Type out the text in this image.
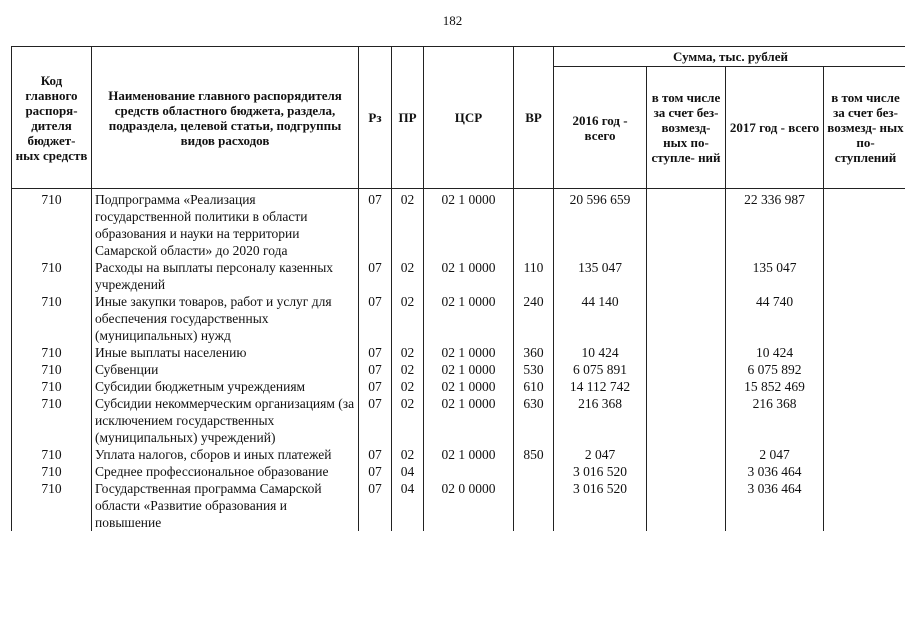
182
Код главного распоря- дителя бюджет- ных средств	Наименование главного распорядителя средств областного бюджета, раздела, подраздела, целевой статьи, подгруппы видов расходов	Рз	ПР	ЦСР	ВР	Сумма, тыс. рублей			
						2016 год - всего	в том числе за счет без- возмезд- ных по- ступле- ний	2017 год - всего	в том числе за счет без- возмезд- ных по- ступлений
710	Подпрограмма «Реализация государственной политики в области образования и науки на территории Самарской области» до 2020 года	07	02	02 1 0000		20 596 659		22 336 987	
710	Расходы на выплаты персоналу казенных учреждений	07	02	02 1 0000	110	135 047		135 047	
710	Иные закупки товаров, работ и услуг для обеспечения государственных (муниципальных) нужд	07	02	02 1 0000	240	44 140		44 740	
710	Иные выплаты населению	07	02	02 1 0000	360	10 424		10 424	
710	Субвенции	07	02	02 1 0000	530	6 075 891		6 075 892	
710	Субсидии бюджетным учреждениям	07	02	02 1 0000	610	14 112 742		15 852 469	
710	Субсидии некоммерческим организациям (за исключением государственных (муниципальных) учреждений)	07	02	02 1 0000	630	216 368		216 368	
710	Уплата налогов, сборов и иных платежей	07	02	02 1 0000	850	2 047		2 047	
710	Среднее профессиональное образование	07	04			3 016 520		3 036 464	
710	Государственная программа Самарской области «Развитие образования и повышение	07	04	02 0 0000		3 016 520		3 036 464	
